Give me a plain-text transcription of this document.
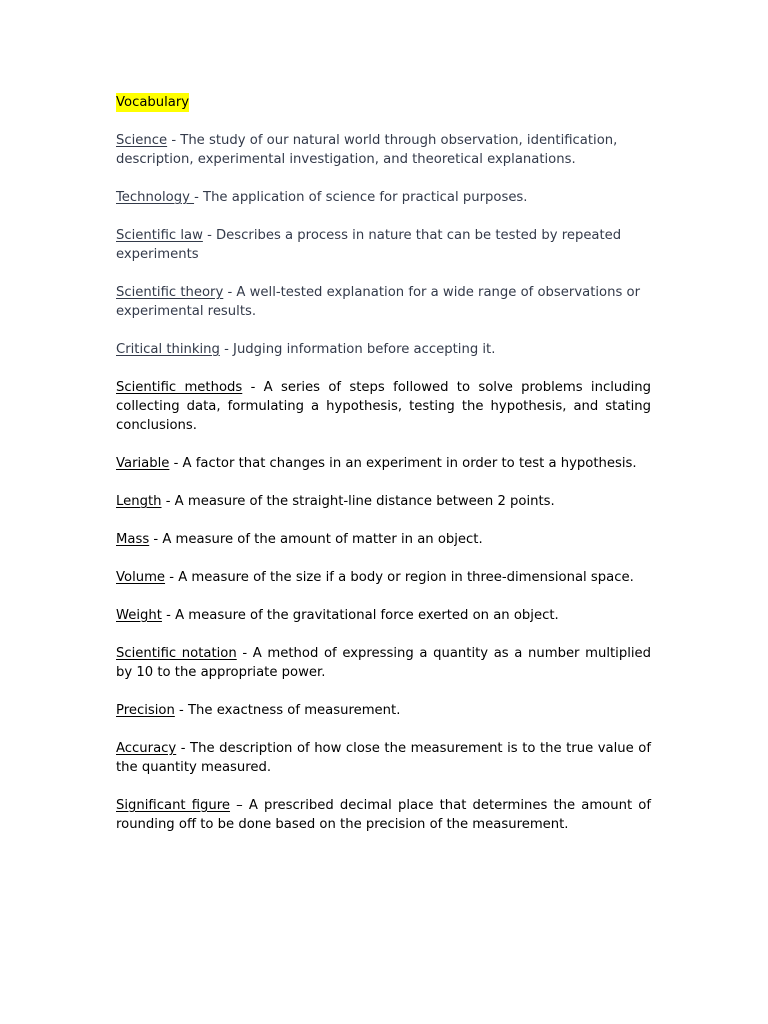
Vocabulary
Science - The study of our natural world through observation, identification, description, experimental investigation, and theoretical explanations.
Technology - The application of science for practical purposes.
Scientific law - Describes a process in nature that can be tested by repeated experiments
Scientific theory - A well-tested explanation for a wide range of observations or experimental results.
Critical thinking - Judging information before accepting it.
Scientific methods - A series of steps followed to solve problems including collecting data, formulating a hypothesis, testing the hypothesis, and stating conclusions.
Variable - A factor that changes in an experiment in order to test a hypothesis.
Length - A measure of the straight-line distance between 2 points.
Mass - A measure of the amount of matter in an object.
Volume - A measure of the size if a body or region in three-dimensional space.
Weight - A measure of the gravitational force exerted on an object.
Scientific notation - A method of expressing a quantity as a number multiplied by 10 to the appropriate power.
Precision - The exactness of measurement.
Accuracy - The description of how close the measurement is to the true value of the quantity measured.
Significant figure – A prescribed decimal place that determines the amount of rounding off to be done based on the precision of the measurement.
